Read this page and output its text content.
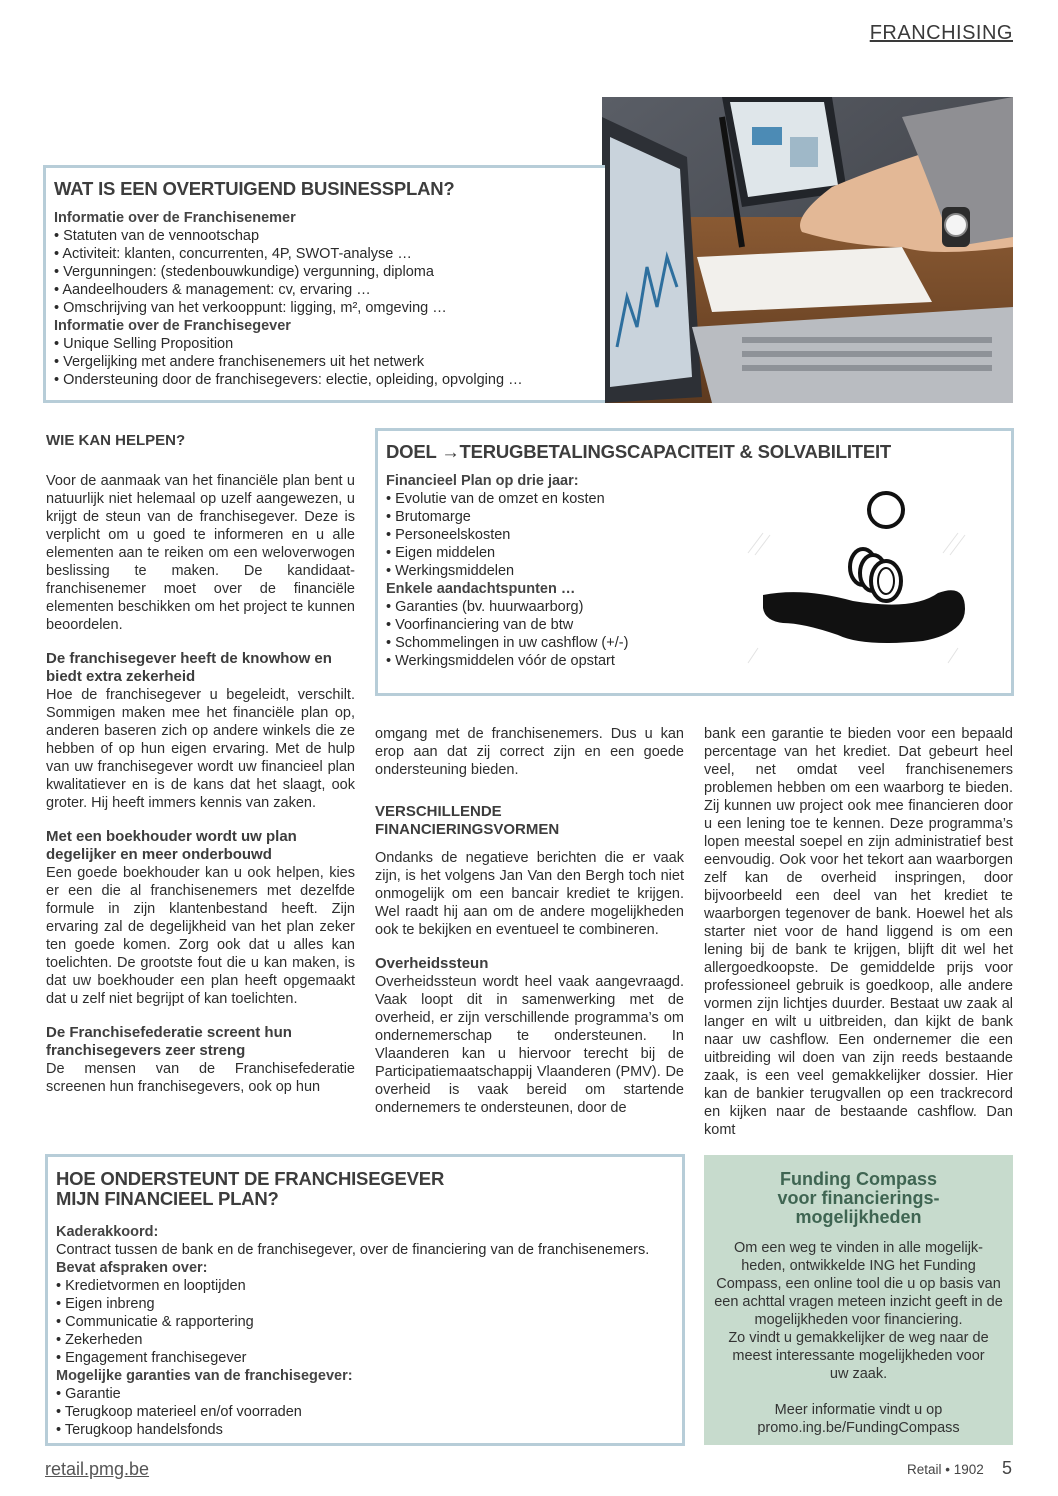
FRANCHISING
WAT IS EEN OVERTUIGEND BUSINESSPLAN?

Informatie over de Franchisenemer

• Statuten van de vennootschap
• Activiteit: klanten, concurrenten, 4P, SWOT-analyse …
• Vergunningen: (stedenbouwkundige) vergunning, diploma
• Aandeelhouders & management: cv, ervaring …
• Omschrijving van het verkooppunt: ligging, m², omgeving …

Informatie over de Franchisegever

• Unique Selling Proposition
• Vergelijking met andere franchisenemers uit het netwerk
• Ondersteuning door de franchisegevers: electie, opleiding, opvolging …
WIE KAN HELPEN?

Voor de aanmaak van het financiële plan bent u natuurlijk niet helemaal op uzelf aangewezen, u krijgt de steun van de franchisegever. Deze is verplicht om u goed te informeren en u alle elementen aan te reiken om een weloverwogen beslissing te maken. De kandidaat-franchisenemer moet over de financiële elementen beschikken om het project te kunnen beoordelen.

De franchisegever heeft de knowhow en biedt extra zekerheid

Hoe de franchisegever u begeleidt, verschilt. Sommigen maken mee het financiële plan op, anderen baseren zich op andere winkels die ze hebben of op hun eigen ervaring. Met de hulp van uw franchisegever wordt uw financieel plan kwalitatiever en is de kans dat het slaagt, ook groter. Hij heeft immers kennis van zaken.

Met een boekhouder wordt uw plan degelijker en meer onderbouwd

Een goede boekhouder kan u ook helpen, kies er een die al franchisenemers met dezelfde formule in zijn klantenbestand heeft. Zijn ervaring zal de degelijkheid van het plan zeker ten goede komen. Zorg ook dat u alles kan toelichten. De grootste fout die u kan maken, is dat uw boekhouder een plan heeft opgemaakt dat u zelf niet begrijpt of kan toelichten.

De Franchisefederatie screent hun franchisegevers zeer streng

De mensen van de Franchisefederatie screenen hun franchisegevers, ook op hun

DOEL →TERUGBETALINGSCAPACITEIT & SOLVABILITEIT

Financieel Plan op drie jaar:

• Evolutie van de omzet en kosten
• Brutomarge
• Personeelskosten
• Eigen middelen
• Werkingsmiddelen

Enkele aandachtspunten …

• Garanties (bv. huurwaarborg)
• Voorfinanciering van de btw
• Schommelingen in uw cashflow (+/-)
• Werkingsmiddelen vóór de opstart

omgang met de franchisenemers. Dus u kan erop aan dat zij correct zijn en een goede ondersteuning bieden.

VERSCHILLENDE FINANCIERINGSVORMEN

Ondanks de negatieve berichten die er vaak zijn, is het volgens Jan Van den Bergh toch niet onmogelijk om een bancair krediet te krijgen. Wel raadt hij aan om de andere mogelijkheden ook te bekijken en eventueel te combineren.

Overheidssteun

Overheidssteun wordt heel vaak aangevraagd. Vaak loopt dit in samenwerking met de overheid, er zijn verschillende programma’s om ondernemerschap te ondersteunen. In Vlaanderen kan u hiervoor terecht bij de Participatiemaatschappij Vlaanderen (PMV). De overheid is vaak bereid om startende ondernemers te ondersteunen, door de

bank een garantie te bieden voor een bepaald percentage van het krediet. Dat gebeurt heel veel, net omdat veel franchisenemers problemen hebben om een waarborg te bieden. Zij kunnen uw project ook mee financieren door u een lening toe te kennen. Deze programma’s lopen meestal soepel en zijn administratief best eenvoudig. Ook voor het tekort aan waarborgen zelf kan de overheid inspringen, door bijvoorbeeld een deel van het krediet te waarborgen tegenover de bank. Hoewel het als starter niet voor de hand liggend is om een lening bij de bank te krijgen, blijft dit wel het allergoedkoopste. De gemiddelde prijs voor professioneel gebruik is goedkoop, alle andere vormen zijn lichtjes duurder. Bestaat uw zaak al langer en wilt u uitbreiden, dan kijkt de bank naar uw cashflow. Een ondernemer die een uitbreiding wil doen van zijn reeds bestaande zaak, is een veel gemakkelijker dossier. Hier kan de bankier terugvallen op een trackrecord en kijken naar de bestaande cashflow. Dan komt

HOE ONDERSTEUNT DE FRANCHISEGEVER
MIJN FINANCIEEL PLAN?

Kaderakkoord:

Contract tussen de bank en de franchisegever, over de financiering van de franchisenemers.

Bevat afspraken over:

• Kredietvormen en looptijden
• Eigen inbreng
• Communicatie & rapportering
• Zekerheden
• Engagement franchisegever

Mogelijke garanties van de franchisegever:

• Garantie
• Terugkoop materieel en/of voorraden
• Terugkoop handelsfonds
Funding Compass
voor financierings-
mogelijkheden

Om een weg te vinden in alle mogelijk-

heden, ontwikkelde ING het Funding

Compass, een online tool die u op basis van

een achttal vragen meteen inzicht geeft in de

mogelijkheden voor financiering.

Zo vindt u gemakkelijker de weg naar de

meest interessante mogelijkheden voor

uw zaak.

Meer informatie vindt u op

promo.ing.be/FundingCompass

retail.pmg.be	Retail • 1902 5
